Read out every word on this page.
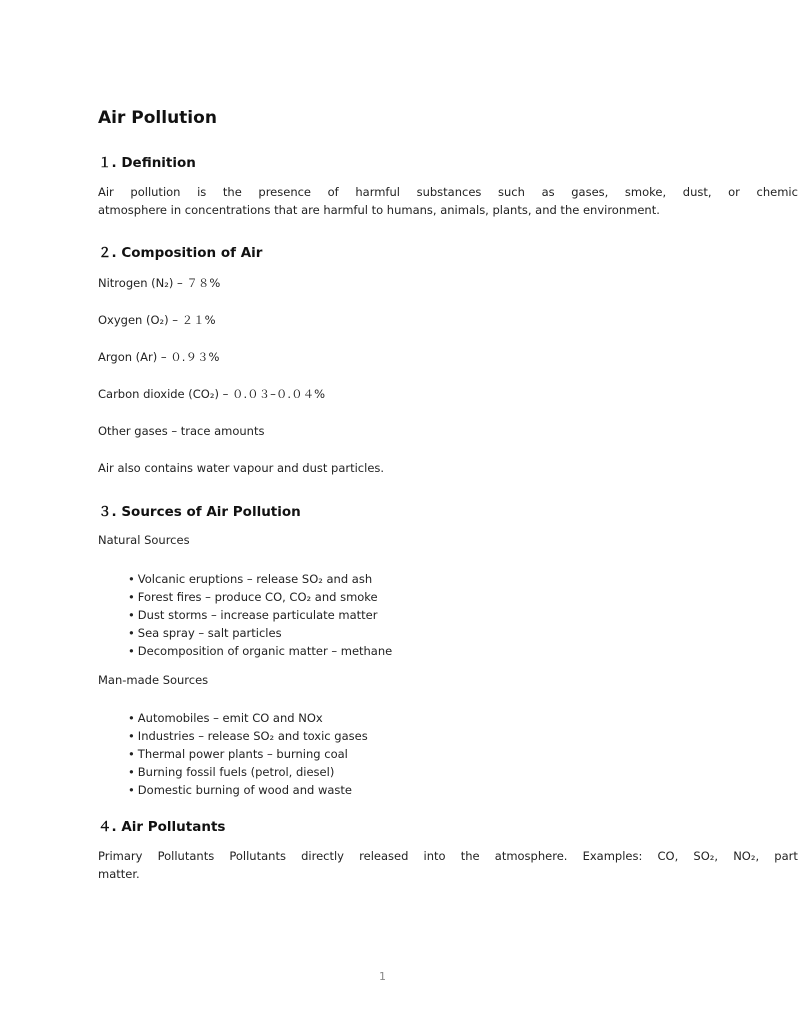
Air Pollution
１. Definition
Air pollution is the presence of harmful substances such as gases, smoke, dust, or chemic
atmosphere in concentrations that are harmful to humans, animals, plants, and the environment.
２. Composition of Air
Nitrogen (N₂) – ７８%
Oxygen (O₂) – ２１%
Argon (Ar) – ０.９３%
Carbon dioxide (CO₂) – ０.０３–０.０４%
Other gases – trace amounts
Air also contains water vapour and dust particles.
３. Sources of Air Pollution
Natural Sources
• Volcanic eruptions – release SO₂ and ash
• Forest fires – produce CO, CO₂ and smoke
• Dust storms – increase particulate matter
• Sea spray – salt particles
• Decomposition of organic matter – methane
Man-made Sources
• Automobiles – emit CO and NOx
• Industries – release SO₂ and toxic gases
• Thermal power plants – burning coal
• Burning fossil fuels (petrol, diesel)
• Domestic burning of wood and waste
４. Air Pollutants
Primary Pollutants Pollutants directly released into the atmosphere. Examples: CO, SO₂, NO₂, part
matter.
1
